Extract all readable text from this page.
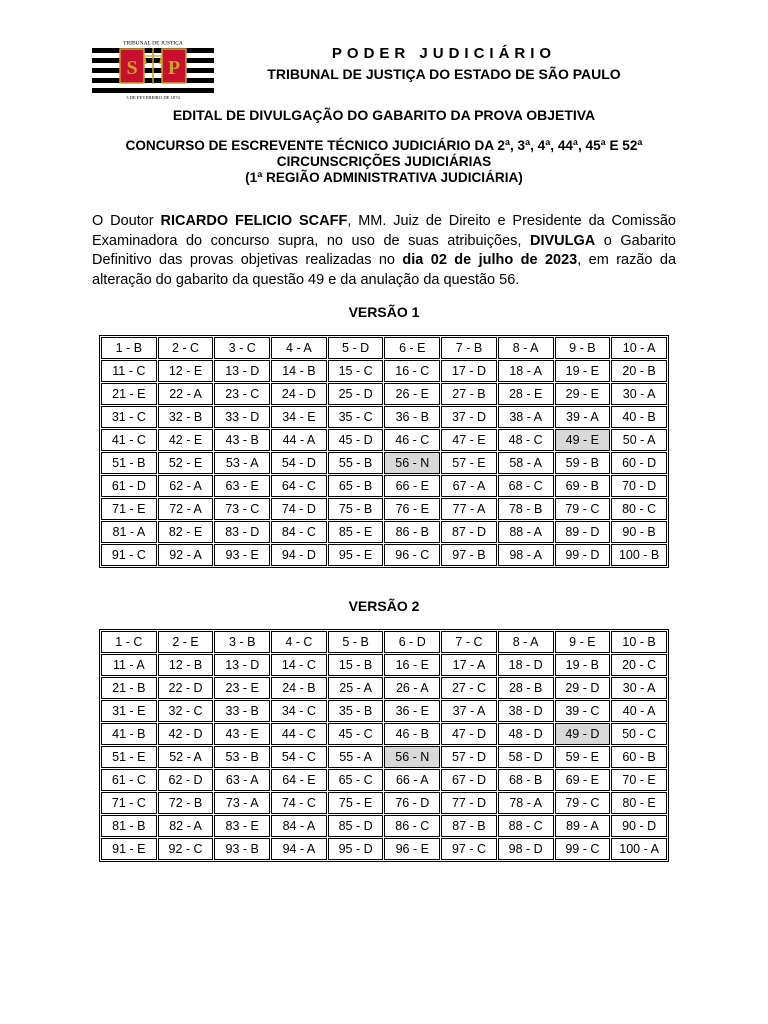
TRIBUNAL DE JUSTIÇA
S P
3 DE FEVEREIRO DE 1874
PODER JUDICIÁRIO
TRIBUNAL DE JUSTIÇA DO ESTADO DE SÃO PAULO
EDITAL DE DIVULGAÇÃO DO GABARITO DA PROVA OBJETIVA
CONCURSO DE ESCREVENTE TÉCNICO JUDICIÁRIO DA 2ª, 3ª, 4ª, 44ª, 45ª E 52ª
CIRCUNSCRIÇÕES JUDICIÁRIAS
(1ª REGIÃO ADMINISTRATIVA JUDICIÁRIA)
O Doutor RICARDO FELICIO SCAFF, MM. Juiz de Direito e Presidente da Comissão Examinadora do concurso supra, no uso de suas atribuições, DIVULGA o Gabarito Definitivo das provas objetivas realizadas no dia 02 de julho de 2023, em razão da alteração do gabarito da questão 49 e da anulação da questão 56.
VERSÃO 1
1 - B	2 - C	3 - C	4 - A	5 - D	6 - E	7 - B	8 - A	9 - B	10 - A
11 - C	12 - E	13 - D	14 - B	15 - C	16 - C	17 - D	18 - A	19 - E	20 - B
21 - E	22 - A	23 - C	24 - D	25 - D	26 - E	27 - B	28 - E	29 - E	30 - A
31 - C	32 - B	33 - D	34 - E	35 - C	36 - B	37 - D	38 - A	39 - A	40 - B
41 - C	42 - E	43 - B	44 - A	45 - D	46 - C	47 - E	48 - C	49 - E	50 - A
51 - B	52 - E	53 - A	54 - D	55 - B	56 - N	57 - E	58 - A	59 - B	60 - D
61 - D	62 - A	63 - E	64 - C	65 - B	66 - E	67 - A	68 - C	69 - B	70 - D
71 - E	72 - A	73 - C	74 - D	75 - B	76 - E	77 - A	78 - B	79 - C	80 - C
81 - A	82 - E	83 - D	84 - C	85 - E	86 - B	87 - D	88 - A	89 - D	90 - B
91 - C	92 - A	93 - E	94 - D	95 - E	96 - C	97 - B	98 - A	99 - D	100 - B
VERSÃO 2
1 - C	2 - E	3 - B	4 - C	5 - B	6 - D	7 - C	8 - A	9 - E	10 - B
11 - A	12 - B	13 - D	14 - C	15 - B	16 - E	17 - A	18 - D	19 - B	20 - C
21 - B	22 - D	23 - E	24 - B	25 - A	26 - A	27 - C	28 - B	29 - D	30 - A
31 - E	32 - C	33 - B	34 - C	35 - B	36 - E	37 - A	38 - D	39 - C	40 - A
41 - B	42 - D	43 - E	44 - C	45 - C	46 - B	47 - D	48 - D	49 - D	50 - C
51 - E	52 - A	53 - B	54 - C	55 - A	56 - N	57 - D	58 - D	59 - E	60 - B
61 - C	62 - D	63 - A	64 - E	65 - C	66 - A	67 - D	68 - B	69 - E	70 - E
71 - C	72 - B	73 - A	74 - C	75 - E	76 - D	77 - D	78 - A	79 - C	80 - E
81 - B	82 - A	83 - E	84 - A	85 - D	86 - C	87 - B	88 - C	89 - A	90 - D
91 - E	92 - C	93 - B	94 - A	95 - D	96 - E	97 - C	98 - D	99 - C	100 - A
